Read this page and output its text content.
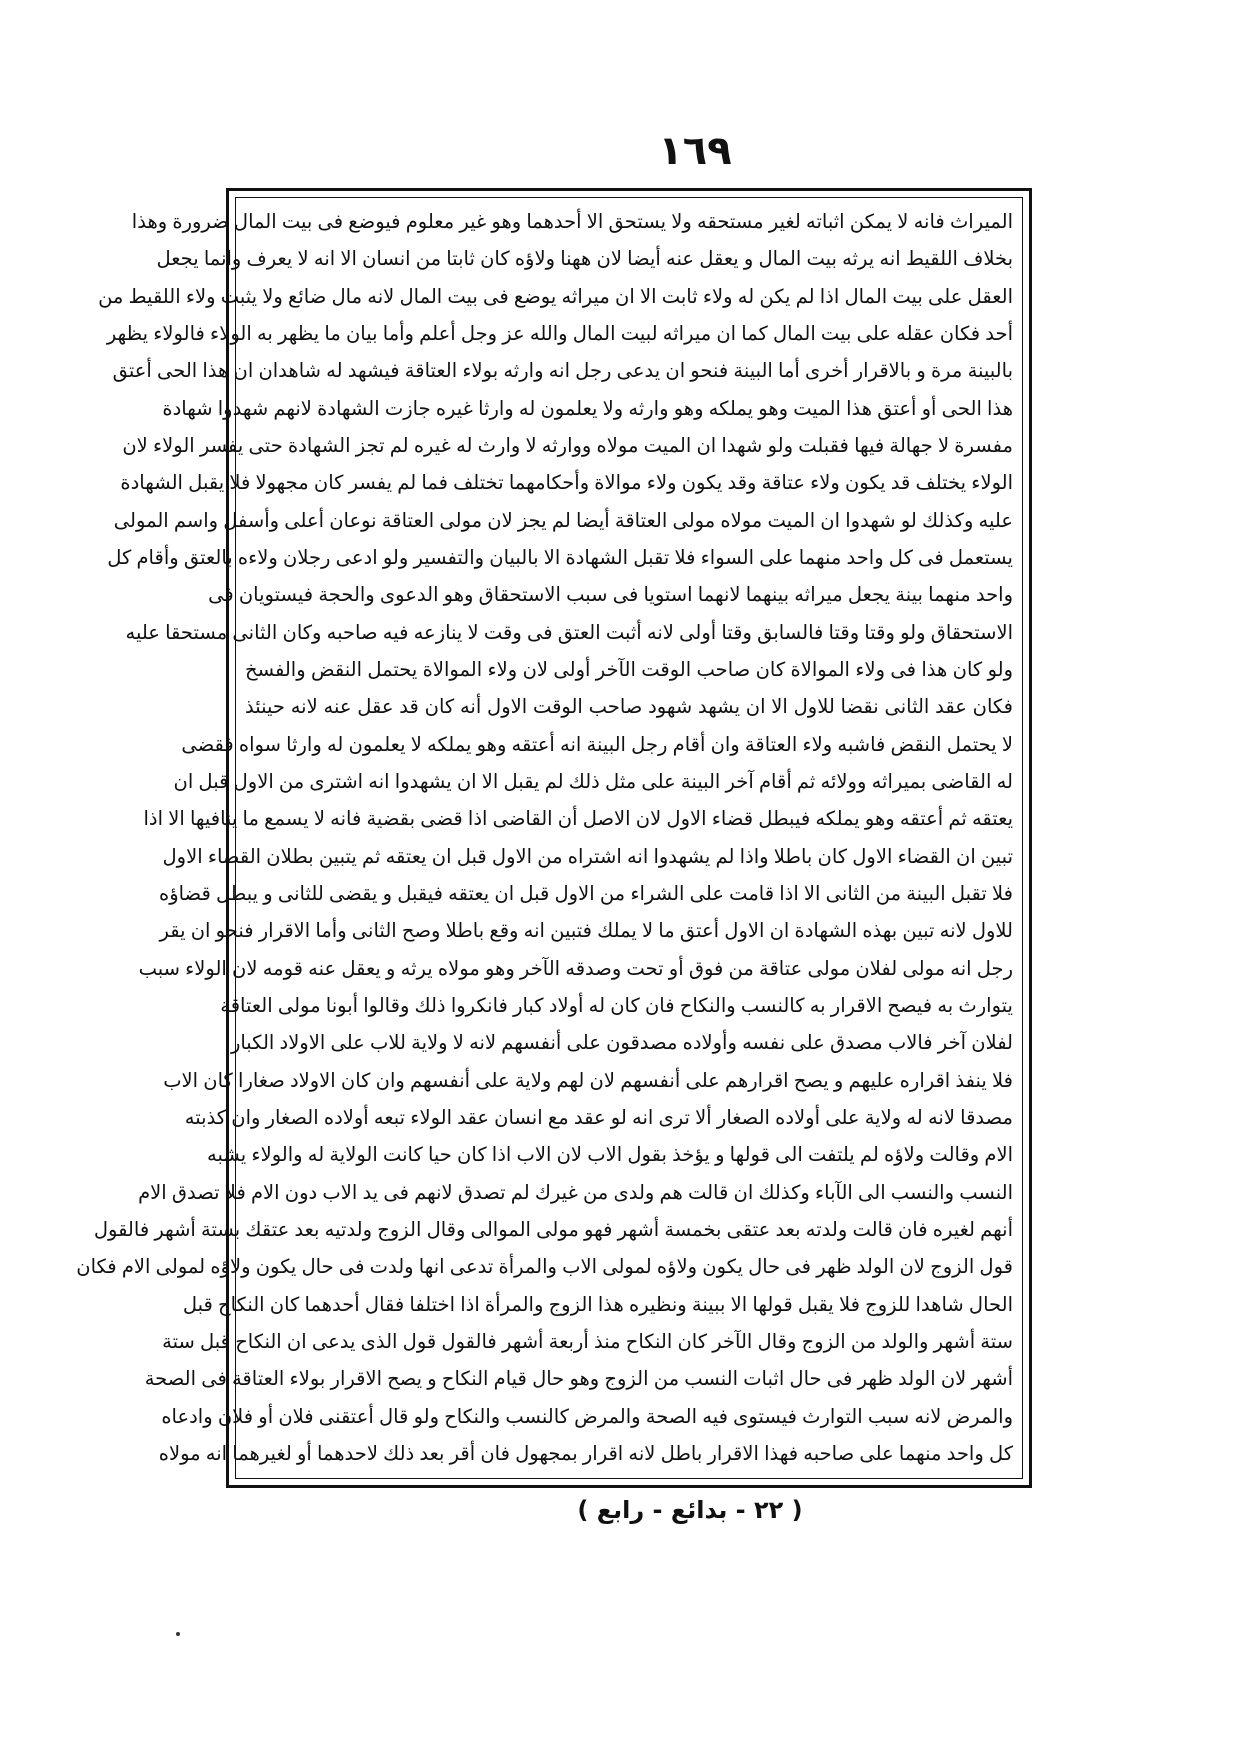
١٦٩
الميراث فانه لا يمكن اثباته لغير مستحقه ولا يستحق الا أحدهما وهو غير معلوم فيوضع فى بيت المال ضرورة وهذا
بخلاف اللقيط انه يرثه بيت المال و يعقل عنه أيضا لان ههنا ولاؤه كان ثابتا من انسان الا انه لا يعرف وانما يجعل
العقل على بيت المال اذا لم يكن له ولاء ثابت الا ان ميراثه يوضع فى بيت المال لانه مال ضائع ولا يثبت ولاء اللقيط من
أحد فكان عقله على بيت المال كما ان ميراثه لبيت المال والله عز وجل أعلم وأما بيان ما يظهر به الولاء فالولاء يظهر
بالبينة مرة و بالاقرار أخرى أما البينة فنحو ان يدعى رجل انه وارثه بولاء العتاقة فيشهد له شاهدان ان هذا الحى أعتق
هذا الحى أو أعتق هذا الميت وهو يملكه وهو وارثه ولا يعلمون له وارثا غيره جازت الشهادة لانهم شهدوا شهادة
مفسرة لا جهالة فيها فقبلت ولو شهدا ان الميت مولاه ووارثه لا وارث له غيره لم تجز الشهادة حتى يفسر الولاء لان
الولاء يختلف قد يكون ولاء عتاقة وقد يكون ولاء موالاة وأحكامهما تختلف فما لم يفسر كان مجهولا فلا يقبل الشهادة
عليه وكذلك لو شهدوا ان الميت مولاه مولى العتاقة أيضا لم يجز لان مولى العتاقة نوعان أعلى وأسفل واسم المولى
يستعمل فى كل واحد منهما على السواء فلا تقبل الشهادة الا بالبيان والتفسير ولو ادعى رجلان ولاءه بالعتق وأقام كل
واحد منهما بينة يجعل ميراثه بينهما لانهما استويا فى سبب الاستحقاق وهو الدعوى والحجة فيستويان فى
الاستحقاق ولو وقتا وقتا فالسابق وقتا أولى لانه أثبت العتق فى وقت لا ينازعه فيه صاحبه وكان الثانى مستحقا عليه
ولو كان هذا فى ولاء الموالاة كان صاحب الوقت الآخر أولى لان ولاء الموالاة يحتمل النقض والفسخ
فكان عقد الثانى نقضا للاول الا ان يشهد شهود صاحب الوقت الاول أنه كان قد عقل عنه لانه حينئذ
لا يحتمل النقض فاشبه ولاء العتاقة وان أقام رجل البينة انه أعتقه وهو يملكه لا يعلمون له وارثا سواه فقضى
له القاضى بميراثه وولائه ثم أقام آخر البينة على مثل ذلك لم يقبل الا ان يشهدوا انه اشترى من الاول قبل ان
يعتقه ثم أعتقه وهو يملكه فيبطل قضاء الاول لان الاصل أن القاضى اذا قضى بقضية فانه لا يسمع ما ينافيها الا اذا
تبين ان القضاء الاول كان باطلا واذا لم يشهدوا انه اشتراه من الاول قبل ان يعتقه ثم يتبين بطلان القضاء الاول
فلا تقبل البينة من الثانى الا اذا قامت على الشراء من الاول قبل ان يعتقه فيقبل و يقضى للثانى و يبطل قضاؤه
للاول لانه تبين بهذه الشهادة ان الاول أعتق ما لا يملك فتبين انه وقع باطلا وصح الثانى وأما الاقرار فنحو ان يقر
رجل انه مولى لفلان مولى عتاقة من فوق أو تحت وصدقه الآخر وهو مولاه يرثه و يعقل عنه قومه لان الولاء سبب
يتوارث به فيصح الاقرار به كالنسب والنكاح فان كان له أولاد كبار فانكروا ذلك وقالوا أبونا مولى العتاقة
لفلان آخر فالاب مصدق على نفسه وأولاده مصدقون على أنفسهم لانه لا ولاية للاب على الاولاد الكبار
فلا ينفذ اقراره عليهم و يصح اقرارهم على أنفسهم لان لهم ولاية على أنفسهم وان كان الاولاد صغارا كان الاب
مصدقا لانه له ولاية على أولاده الصغار ألا ترى انه لو عقد مع انسان عقد الولاء تبعه أولاده الصغار وان كذبته
الام وقالت ولاؤه لم يلتفت الى قولها و يؤخذ بقول الاب لان الاب اذا كان حيا كانت الولاية له والولاء يشبه
النسب والنسب الى الآباء وكذلك ان قالت هم ولدى من غيرك لم تصدق لانهم فى يد الاب دون الام فلا تصدق الام
أنهم لغيره فان قالت ولدته بعد عتقى بخمسة أشهر فهو مولى الموالى وقال الزوج ولدتيه بعد عتقك بستة أشهر فالقول
قول الزوج لان الولد ظهر فى حال يكون ولاؤه لمولى الاب والمرأة تدعى انها ولدت فى حال يكون ولاؤه لمولى الام فكان
الحال شاهدا للزوج فلا يقبل قولها الا ببينة ونظيره هذا الزوج والمرأة اذا اختلفا فقال أحدهما كان النكاح قبل
ستة أشهر والولد من الزوج وقال الآخر كان النكاح منذ أربعة أشهر فالقول قول الذى يدعى ان النكاح قبل ستة
أشهر لان الولد ظهر فى حال اثبات النسب من الزوج وهو حال قيام النكاح و يصح الاقرار بولاء العتاقة فى الصحة
والمرض لانه سبب التوارث فيستوى فيه الصحة والمرض كالنسب والنكاح ولو قال أعتقنى فلان أو فلان وادعاه
كل واحد منهما على صاحبه فهذا الاقرار باطل لانه اقرار بمجهول فان أقر بعد ذلك لاحدهما أو لغيرهما انه مولاه
( ٢٢ - بدائع - رابع )
